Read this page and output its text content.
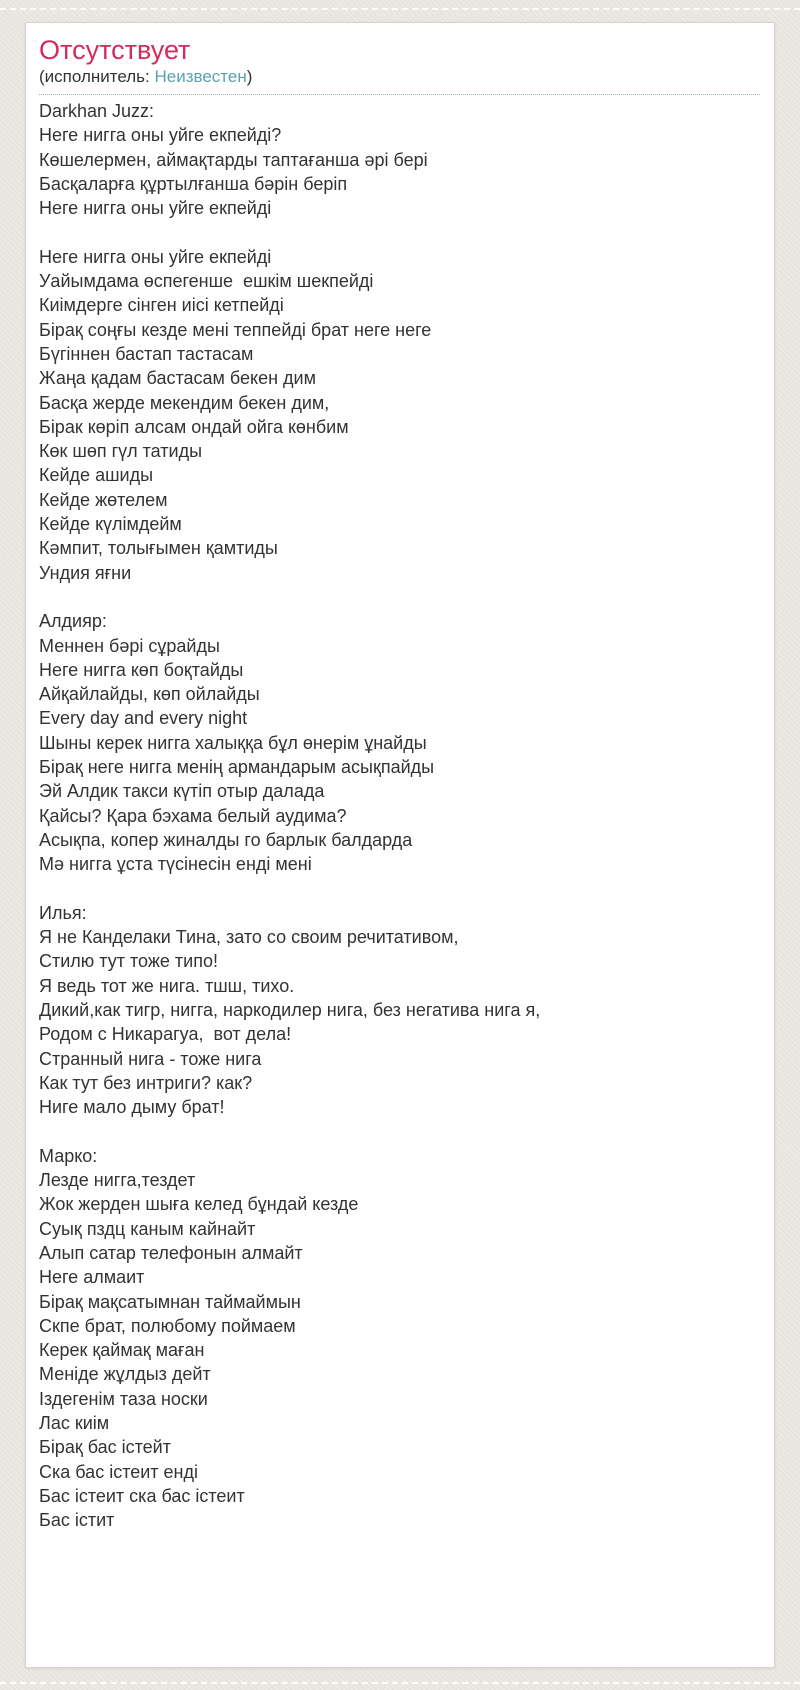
Отсутствует
(исполнитель: Неизвестен)
Darkhan Juzz:
Неге нигга оны уйге екпейді?
Көшелермен, аймақтарды таптағанша әрі бері
Басқаларға құртылғанша бәрін беріп
Неге нигга оны уйге екпейді

Неге нигга оны уйге екпейді
Уайымдама өспегенше  ешкім шекпейді
Киімдерге сінген иісі кетпейді
Бірақ соңғы кезде мені теппейді брат неге неге
Бүгіннен бастап тастасам
Жаңа қадам бастасам бекен дим
Басқа жерде мекендим бекен дим,
Бірак көріп алсам ондай ойга көнбим
Көк шөп гүл татиды
Кейде ашиды
Кейде жөтелем
Кейде күлімдейм
Кәмпит, толығымен қамтиды
Ундия яғни

Алдияр:
Меннен бәрі сұрайды
Неге нигга көп боқтайды
Айқайлайды, көп ойлайды
Every day and every night
Шыны керек нигга халыққа бұл өнерім ұнайды
Бірақ неге нигга менің армандарым асықпайды
Эй Алдик такси күтіп отыр далада
Қайсы? Қара бэхама белый аудима?
Асықпа, копер жиналды го барлык балдарда
Мә нигга ұста түсінесін енді мені

Илья:
Я не Канделаки Тина, зато со своим речитативом,
Стилю тут тоже типо!
Я ведь тот же нига. тшш, тихо.
Дикий,как тигр, нигга, наркодилер нига, без негатива нига я,
Родом с Никарагуа,  вот дела!
Странный нига - тоже нига
Как тут без интриги? как?
Ниге мало дыму брат!

Марко:
Лезде нигга,тездет
Жок жерден шыға келед бұндай кезде
Суық пздц каным кайнайт
Алып сатар телефонын алмайт
Неге алмаит
Бірақ мақсатымнан таймаймын
Скпе брат, полюбому поймаем
Керек қаймақ маған
Меніде жұлдыз дейт
Іздегенім таза носки
Лас киім
Бірақ бас істейт
Ска бас істеит енді
Бас істеит ска бас істеит
Бас істит
